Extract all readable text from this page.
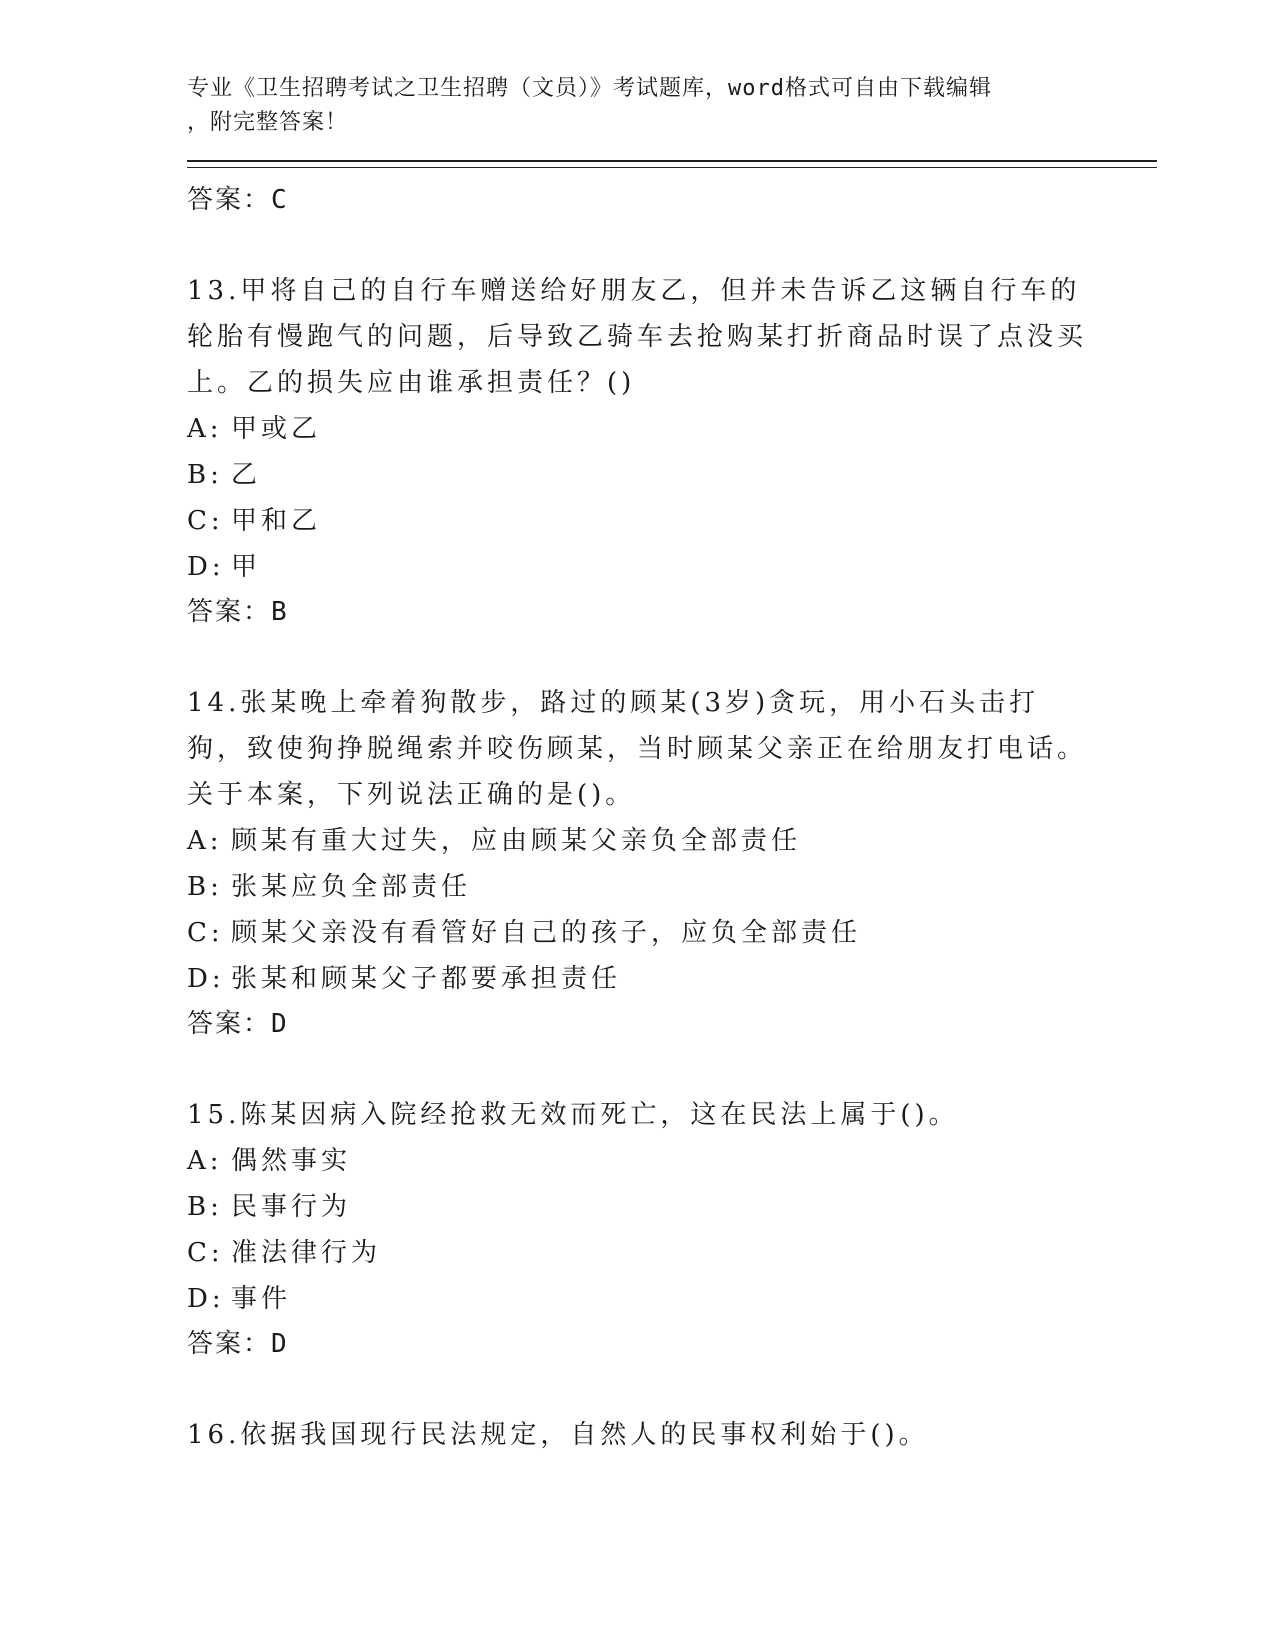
专业《卫生招聘考试之卫生招聘（文员）》考试题库，word格式可自由下载编辑
，附完整答案！
答案：C
13.甲将自己的自行车赠送给好朋友乙，但并未告诉乙这辆自行车的轮胎有慢跑气的问题，后导致乙骑车去抢购某打折商品时误了点没买上。乙的损失应由谁承担责任？()
A: 甲或乙
B: 乙
C: 甲和乙
D: 甲
答案：B
14.张某晚上牵着狗散步，路过的顾某(3岁)贪玩，用小石头击打狗，致使狗挣脱绳索并咬伤顾某，当时顾某父亲正在给朋友打电话。关于本案，下列说法正确的是()。
A: 顾某有重大过失，应由顾某父亲负全部责任
B: 张某应负全部责任
C: 顾某父亲没有看管好自己的孩子，应负全部责任
D: 张某和顾某父子都要承担责任
答案：D
15.陈某因病入院经抢救无效而死亡，这在民法上属于()。
A: 偶然事实
B: 民事行为
C: 准法律行为
D: 事件
答案：D
16.依据我国现行民法规定，自然人的民事权利始于()。
